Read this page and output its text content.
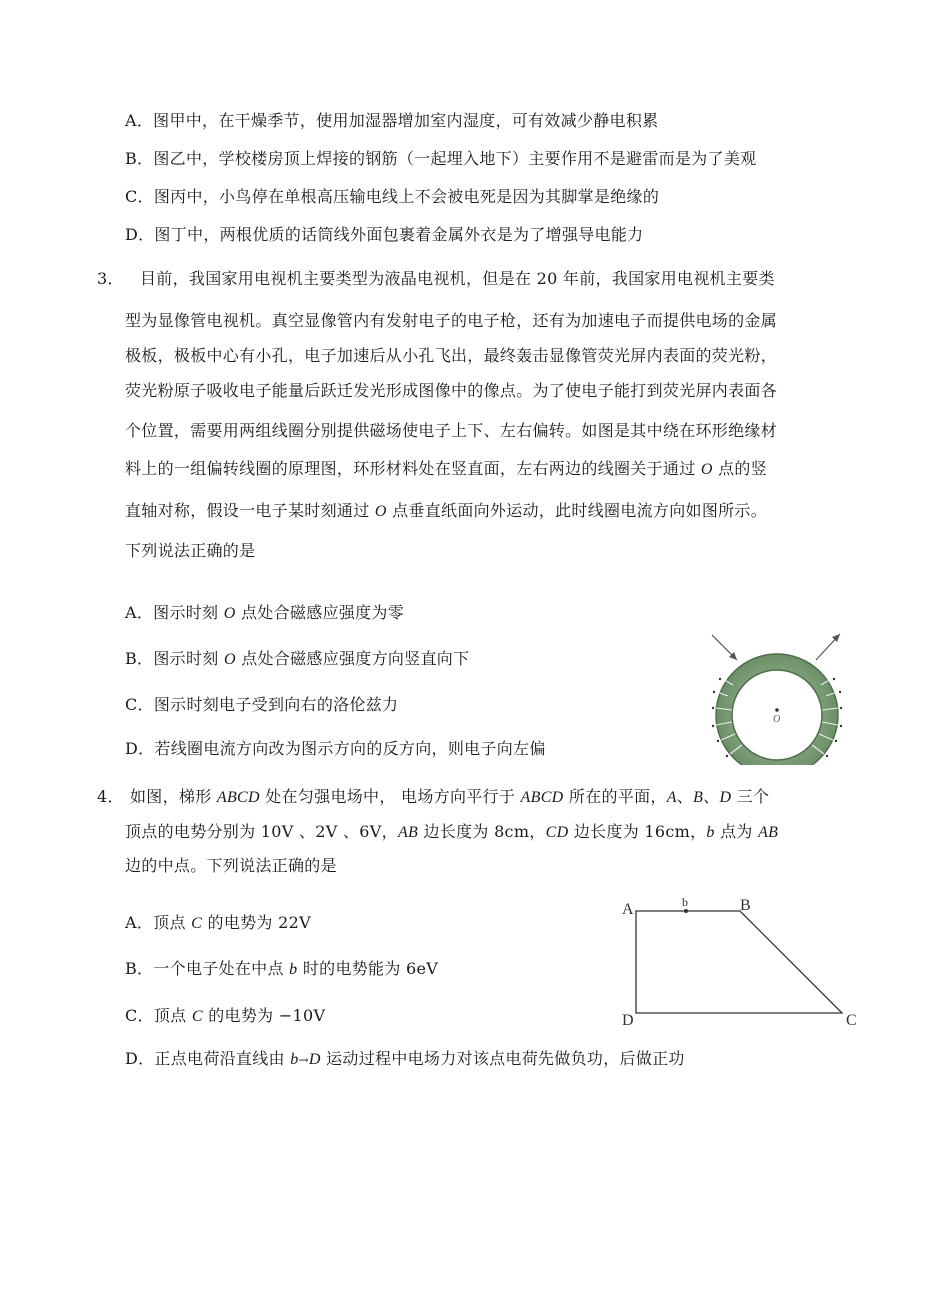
A．图甲中，在干燥季节，使用加湿器增加室内湿度，可有效减少静电积累
B．图乙中，学校楼房顶上焊接的钢筋（一起埋入地下）主要作用不是避雷而是为了美观
C．图丙中，小鸟停在单根高压输电线上不会被电死是因为其脚掌是绝缘的
D．图丁中，两根优质的话筒线外面包裹着金属外衣是为了增强导电能力
3． 目前，我国家用电视机主要类型为液晶电视机，但是在 20 年前，我国家用电视机主要类
型为显像管电视机。真空显像管内有发射电子的电子枪，还有为加速电子而提供电场的金属
极板，极板中心有小孔，电子加速后从小孔飞出，最终轰击显像管荧光屏内表面的荧光粉，
荧光粉原子吸收电子能量后跃迁发光形成图像中的像点。为了使电子能打到荧光屏内表面各
个位置，需要用两组线圈分别提供磁场使电子上下、左右偏转。如图是其中绕在环形绝缘材
料上的一组偏转线圈的原理图，环形材料处在竖直面，左右两边的线圈关于通过 O 点的竖
直轴对称，假设一电子某时刻通过 O 点垂直纸面向外运动，此时线圈电流方向如图所示。
下列说法正确的是
A．图示时刻 O 点处合磁感应强度为零
B．图示时刻 O 点处合磁感应强度方向竖直向下
C．图示时刻电子受到向右的洛伦兹力
D．若线圈电流方向改为图示方向的反方向，则电子向左偏
O
4． 如图，梯形 ABCD 处在匀强电场中， 电场方向平行于 ABCD 所在的平面，A、B、D 三个
顶点的电势分别为 10V 、2V 、6V，AB 边长度为 8cm，CD 边长度为 16cm，b 点为 AB
边的中点。下列说法正确的是
A．顶点 C 的电势为 22V
B．一个电子处在中点 b 时的电势能为 6eV
C．顶点 C 的电势为 −10V
D．正点电荷沿直线由 b→D 运动过程中电场力对该点电荷先做负功，后做正功
A	b	B
D	C
